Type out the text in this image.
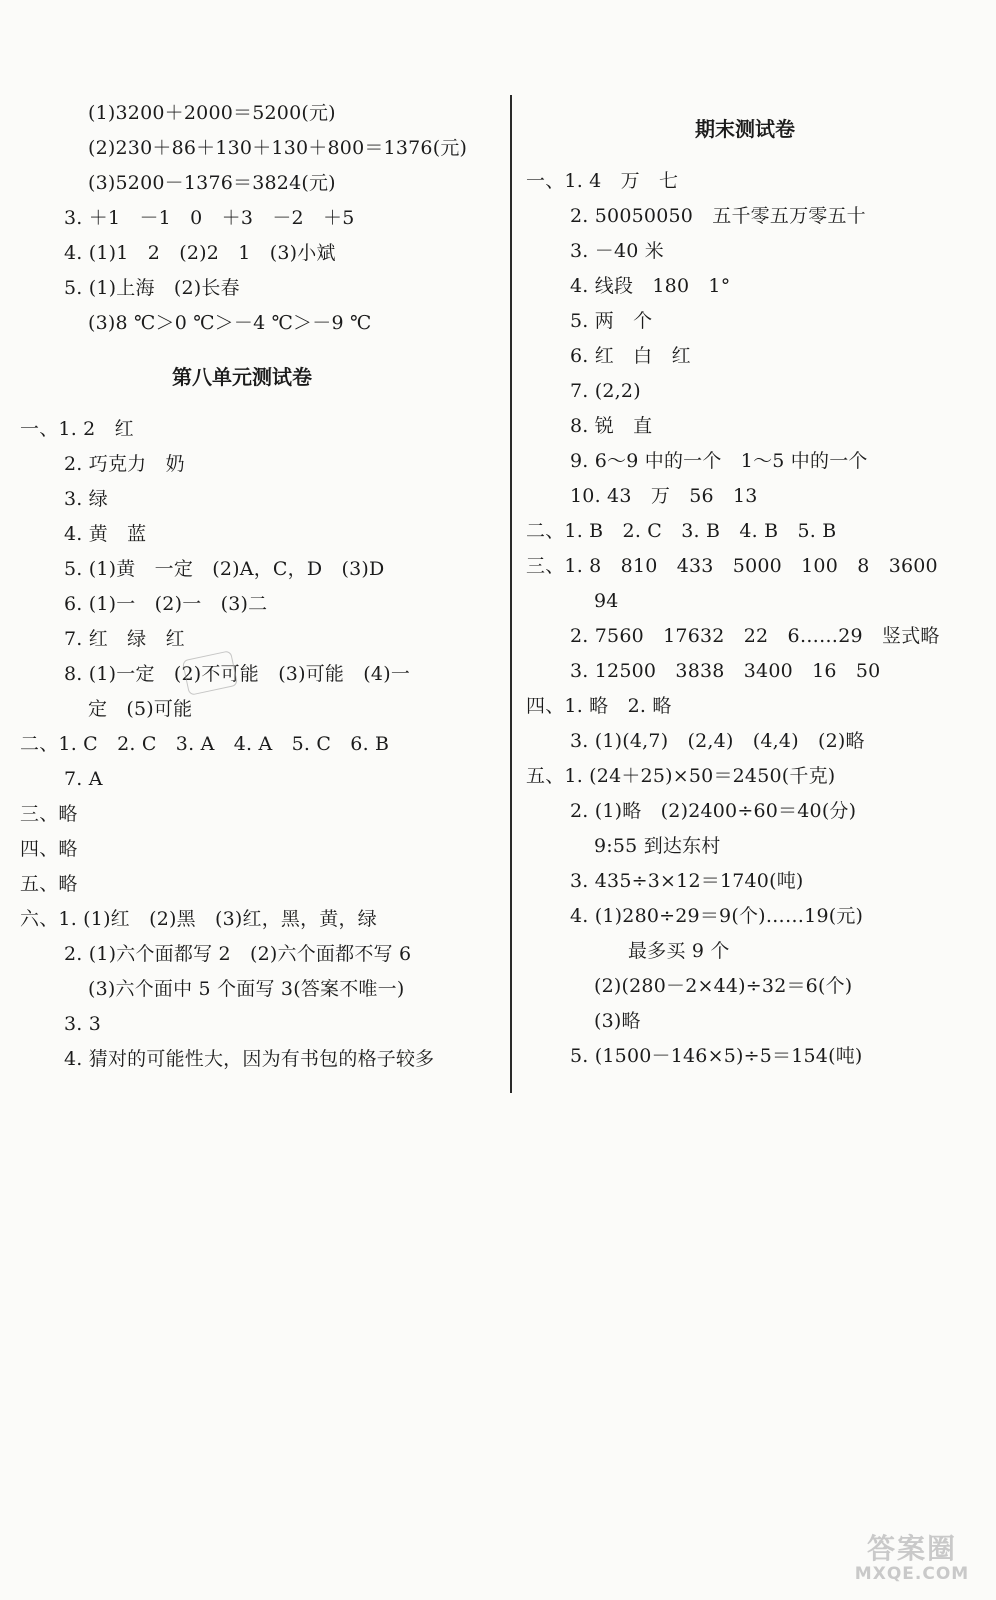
(1)3200＋2000＝5200(元)
(2)230＋86＋130＋130＋800＝1376(元)
(3)5200－1376＝3824(元)
3. ＋1　－1　0　＋3　－2　＋5
4. (1)1　2　(2)2　1　(3)小斌
5. (1)上海　(2)长春
(3)8 ℃＞0 ℃＞－4 ℃＞－9 ℃
第八单元测试卷
一、1. 2　红
2. 巧克力　奶
3. 绿
4. 黄　蓝
5. (1)黄　一定　(2)A，C，D　(3)D
6. (1)一　(2)一　(3)二
7. 红　绿　红
8. (1)一定　(2)不可能　(3)可能　(4)一
定　(5)可能
二、1. C　2. C　3. A　4. A　5. C　6. B
7. A
三、略
四、略
五、略
六、1. (1)红　(2)黑　(3)红，黑，黄，绿
2. (1)六个面都写 2　(2)六个面都不写 6
(3)六个面中 5 个面写 3(答案不唯一)
3. 3
4. 猜对的可能性大，因为有书包的格子较多
期末测试卷
一、1. 4　万　七
2. 50050050　五千零五万零五十
3. －40 米
4. 线段　180　1°
5. 两　个
6. 红　白　红
7. (2,2)
8. 锐　直
9. 6～9 中的一个　1～5 中的一个
10. 43　万　56　13
二、1. B　2. C　3. B　4. B　5. B
三、1. 8　810　433　5000　100　8　3600
94
2. 7560　17632　22　6……29　竖式略
3. 12500　3838　3400　16　50
四、1. 略　2. 略
3. (1)(4,7)　(2,4)　(4,4)　(2)略
五、1. (24＋25)×50＝2450(千克)
2. (1)略　(2)2400÷60＝40(分)
9:55 到达东村
3. 435÷3×12＝1740(吨)
4. (1)280÷29＝9(个)……19(元)
最多买 9 个
(2)(280－2×44)÷32＝6(个)
(3)略
5. (1500－146×5)÷5＝154(吨)
答案圈
MXQE.COM
